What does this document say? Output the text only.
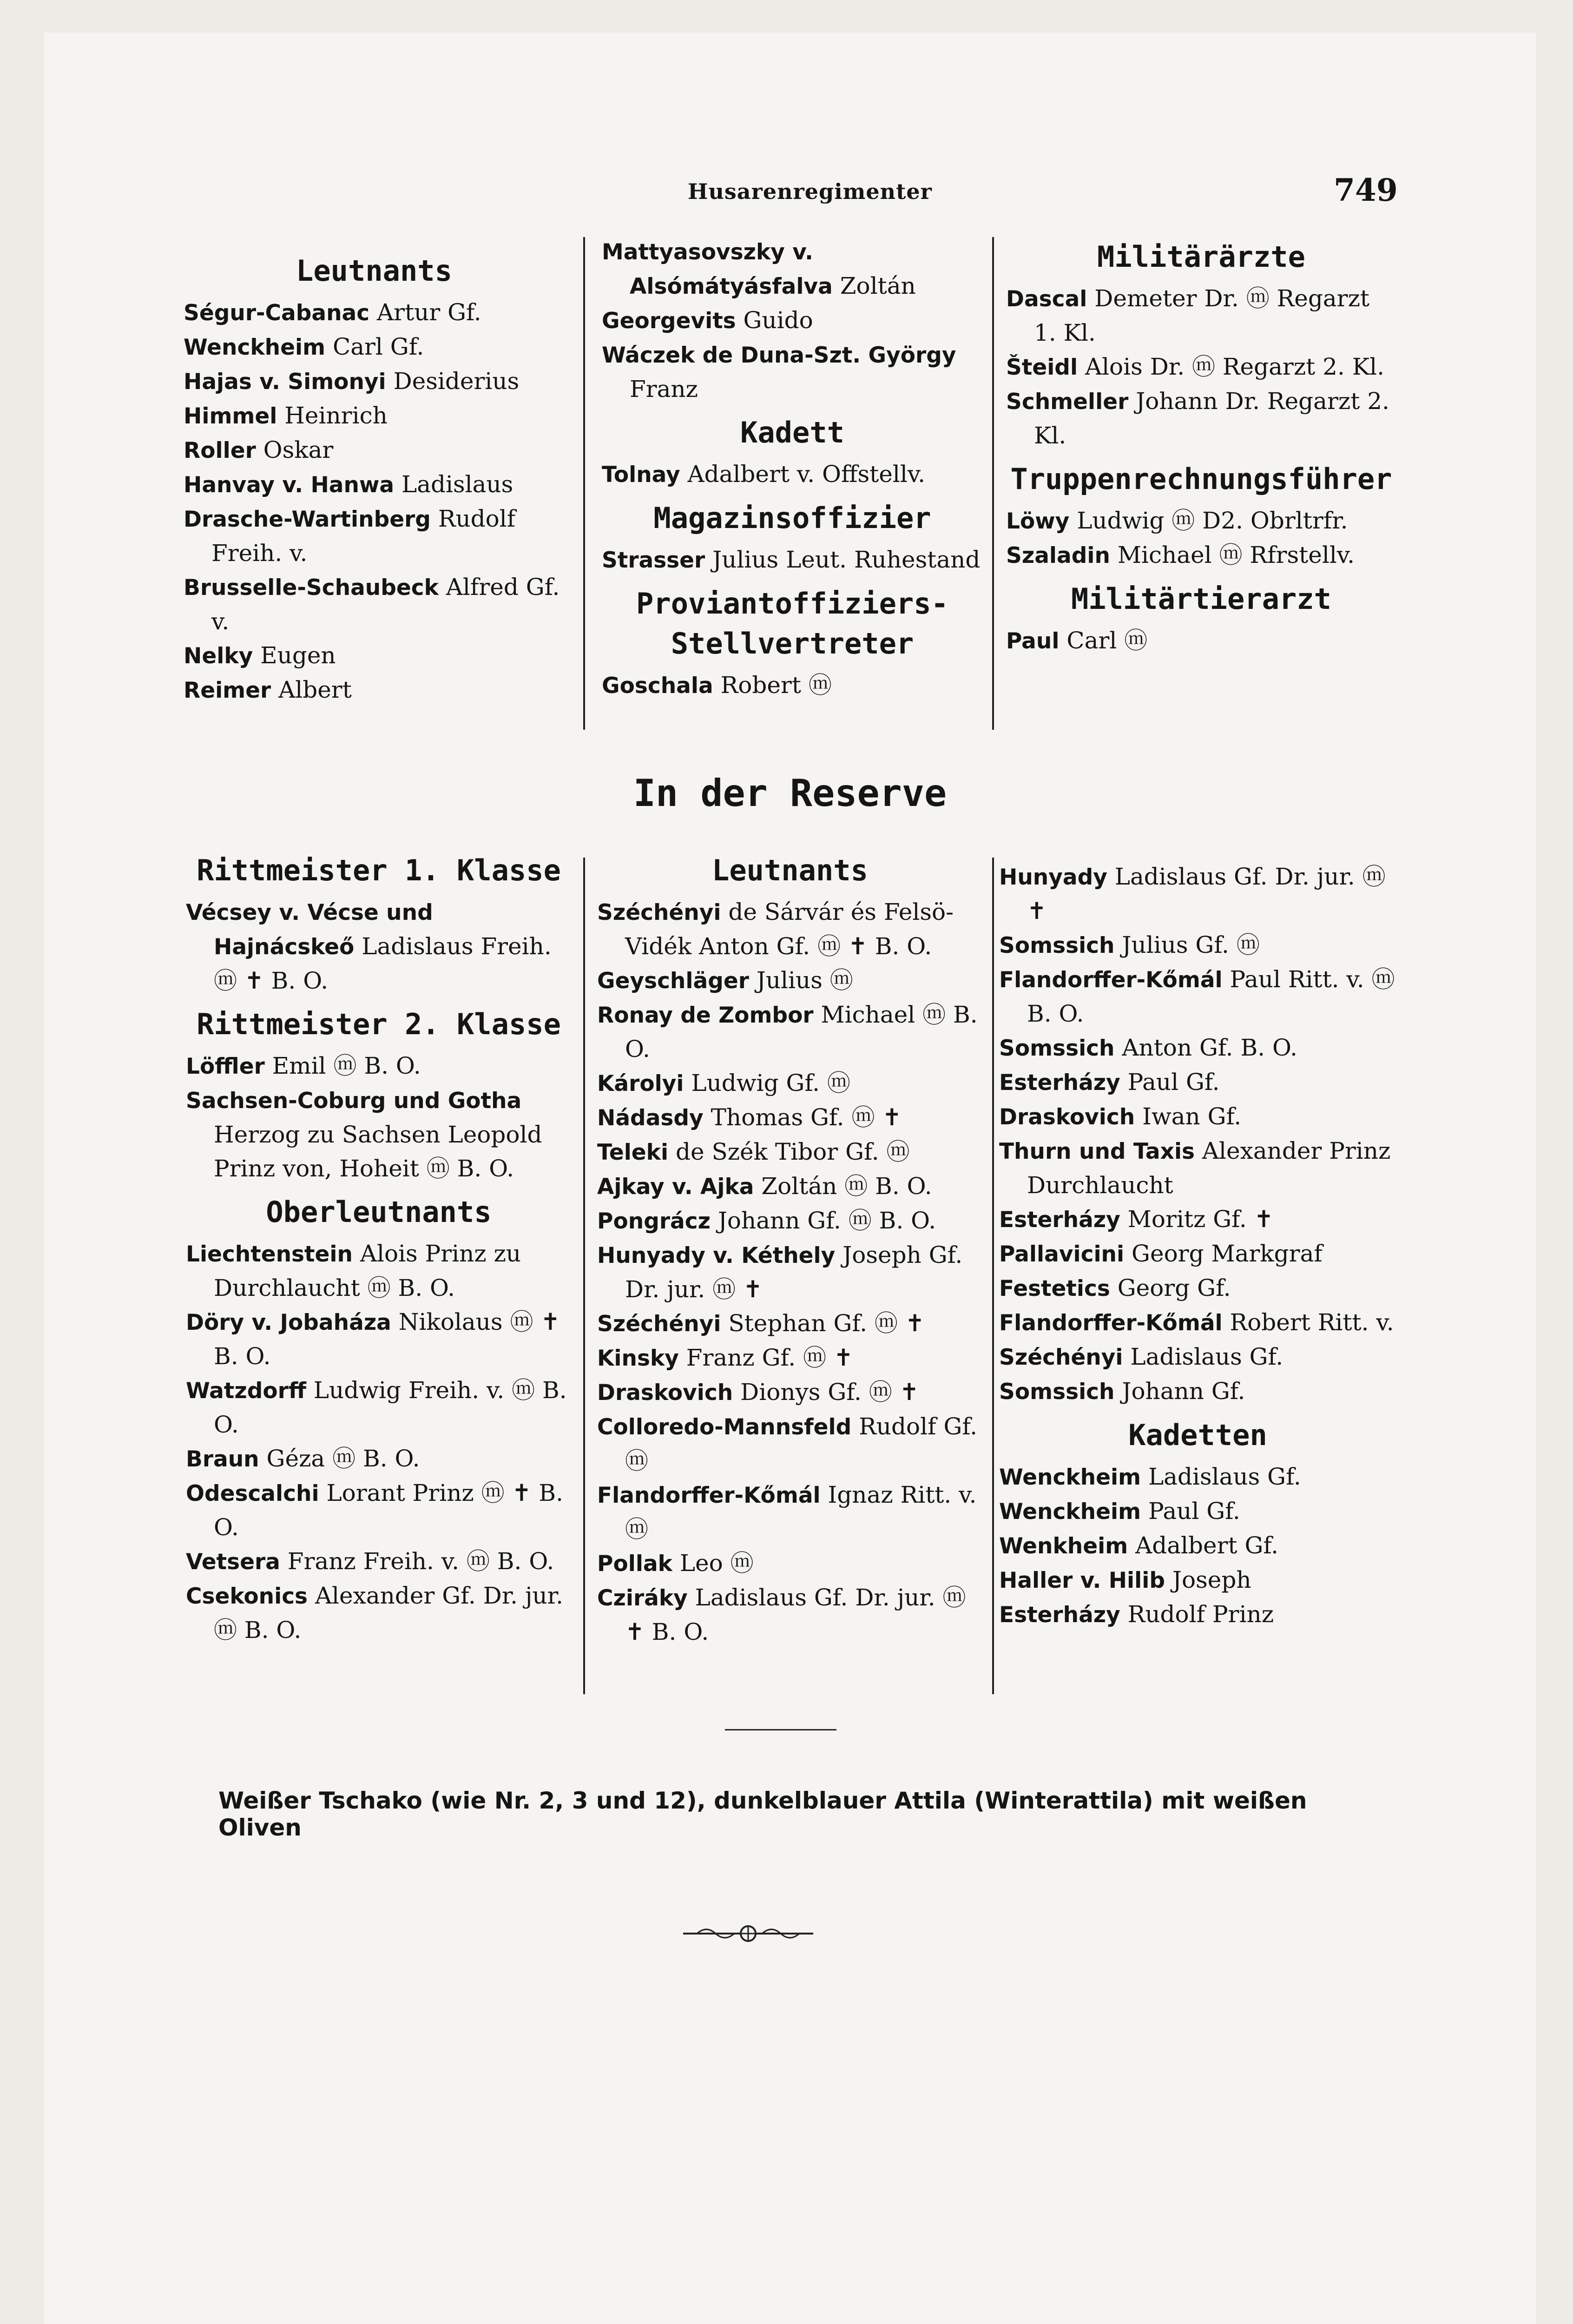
Husarenregimenter	749
Leutnants

Ségur-Cabanac Artur Gf.

Wenckheim Carl Gf.

Hajas v. Simonyi Desiderius

Himmel Heinrich

Roller Oskar

Hanvay v. Hanwa Ladislaus

Drasche-Wartinberg Rudolf Freih. v.

Brusselle-Schaubeck Alfred Gf. v.

Nelky Eugen

Reimer Albert

Mattyasovszky v. Alsómátyásfalva Zoltán

Georgevits Guido

Wáczek de Duna-Szt. György Franz

Kadett

Tolnay Adalbert v. Offstellv.

Magazinsoffizier

Strasser Julius Leut. Ruhestand

Proviantoffiziers-Stellvertreter

Goschala Robert ⓜ

Militärärzte

Dascal Demeter Dr. ⓜ Regarzt 1. Kl.

Šteidl Alois Dr. ⓜ Regarzt 2. Kl.

Schmeller Johann Dr. Regarzt 2. Kl.

Truppenrechnungsführer

Löwy Ludwig ⓜ D2. Obrltrfr.

Szaladin Michael ⓜ Rfrstellv.

Militärtierarzt

Paul Carl ⓜ

In der Reserve
Rittmeister 1. Klasse

Vécsey v. Vécse und Hajnácskeő Ladislaus Freih. ⓜ ✝ B. O.

Rittmeister 2. Klasse

Löffler Emil ⓜ B. O.

Sachsen-Coburg und Gotha Herzog zu Sachsen Leopold Prinz von, Hoheit ⓜ B. O.

Oberleutnants

Liechtenstein Alois Prinz zu Durchlaucht ⓜ B. O.

Döry v. Jobaháza Nikolaus ⓜ ✝ B. O.

Watzdorff Ludwig Freih. v. ⓜ B. O.

Braun Géza ⓜ B. O.

Odescalchi Lorant Prinz ⓜ ✝ B. O.

Vetsera Franz Freih. v. ⓜ B. O.

Csekonics Alexander Gf. Dr. jur. ⓜ B. O.

Leutnants

Széchényi de Sárvár és Felsö-Vidék Anton Gf. ⓜ ✝ B. O.

Geyschläger Julius ⓜ

Ronay de Zombor Michael ⓜ B. O.

Károlyi Ludwig Gf. ⓜ

Nádasdy Thomas Gf. ⓜ ✝

Teleki de Szék Tibor Gf. ⓜ

Ajkay v. Ajka Zoltán ⓜ B. O.

Pongrácz Johann Gf. ⓜ B. O.

Hunyady v. Kéthely Joseph Gf. Dr. jur. ⓜ ✝

Széchényi Stephan Gf. ⓜ ✝

Kinsky Franz Gf. ⓜ ✝

Draskovich Dionys Gf. ⓜ ✝

Colloredo-Mannsfeld Rudolf Gf. ⓜ

Flandorffer-Kőmál Ignaz Ritt. v. ⓜ

Pollak Leo ⓜ

Cziráky Ladislaus Gf. Dr. jur. ⓜ ✝ B. O.

Hunyady Ladislaus Gf. Dr. jur. ⓜ ✝

Somssich Julius Gf. ⓜ

Flandorffer-Kőmál Paul Ritt. v. ⓜ B. O.

Somssich Anton Gf. B. O.

Esterházy Paul Gf.

Draskovich Iwan Gf.

Thurn und Taxis Alexander Prinz Durchlaucht

Esterházy Moritz Gf. ✝

Pallavicini Georg Markgraf

Festetics Georg Gf.

Flandorffer-Kőmál Robert Ritt. v.

Széchényi Ladislaus Gf.

Somssich Johann Gf.

Kadetten

Wenckheim Ladislaus Gf.

Wenckheim Paul Gf.

Wenkheim Adalbert Gf.

Haller v. Hilib Joseph

Esterházy Rudolf Prinz

Weißer Tschako (wie Nr. 2, 3 und 12), dunkelblauer Attila (Winterattila) mit weißen Oliven
